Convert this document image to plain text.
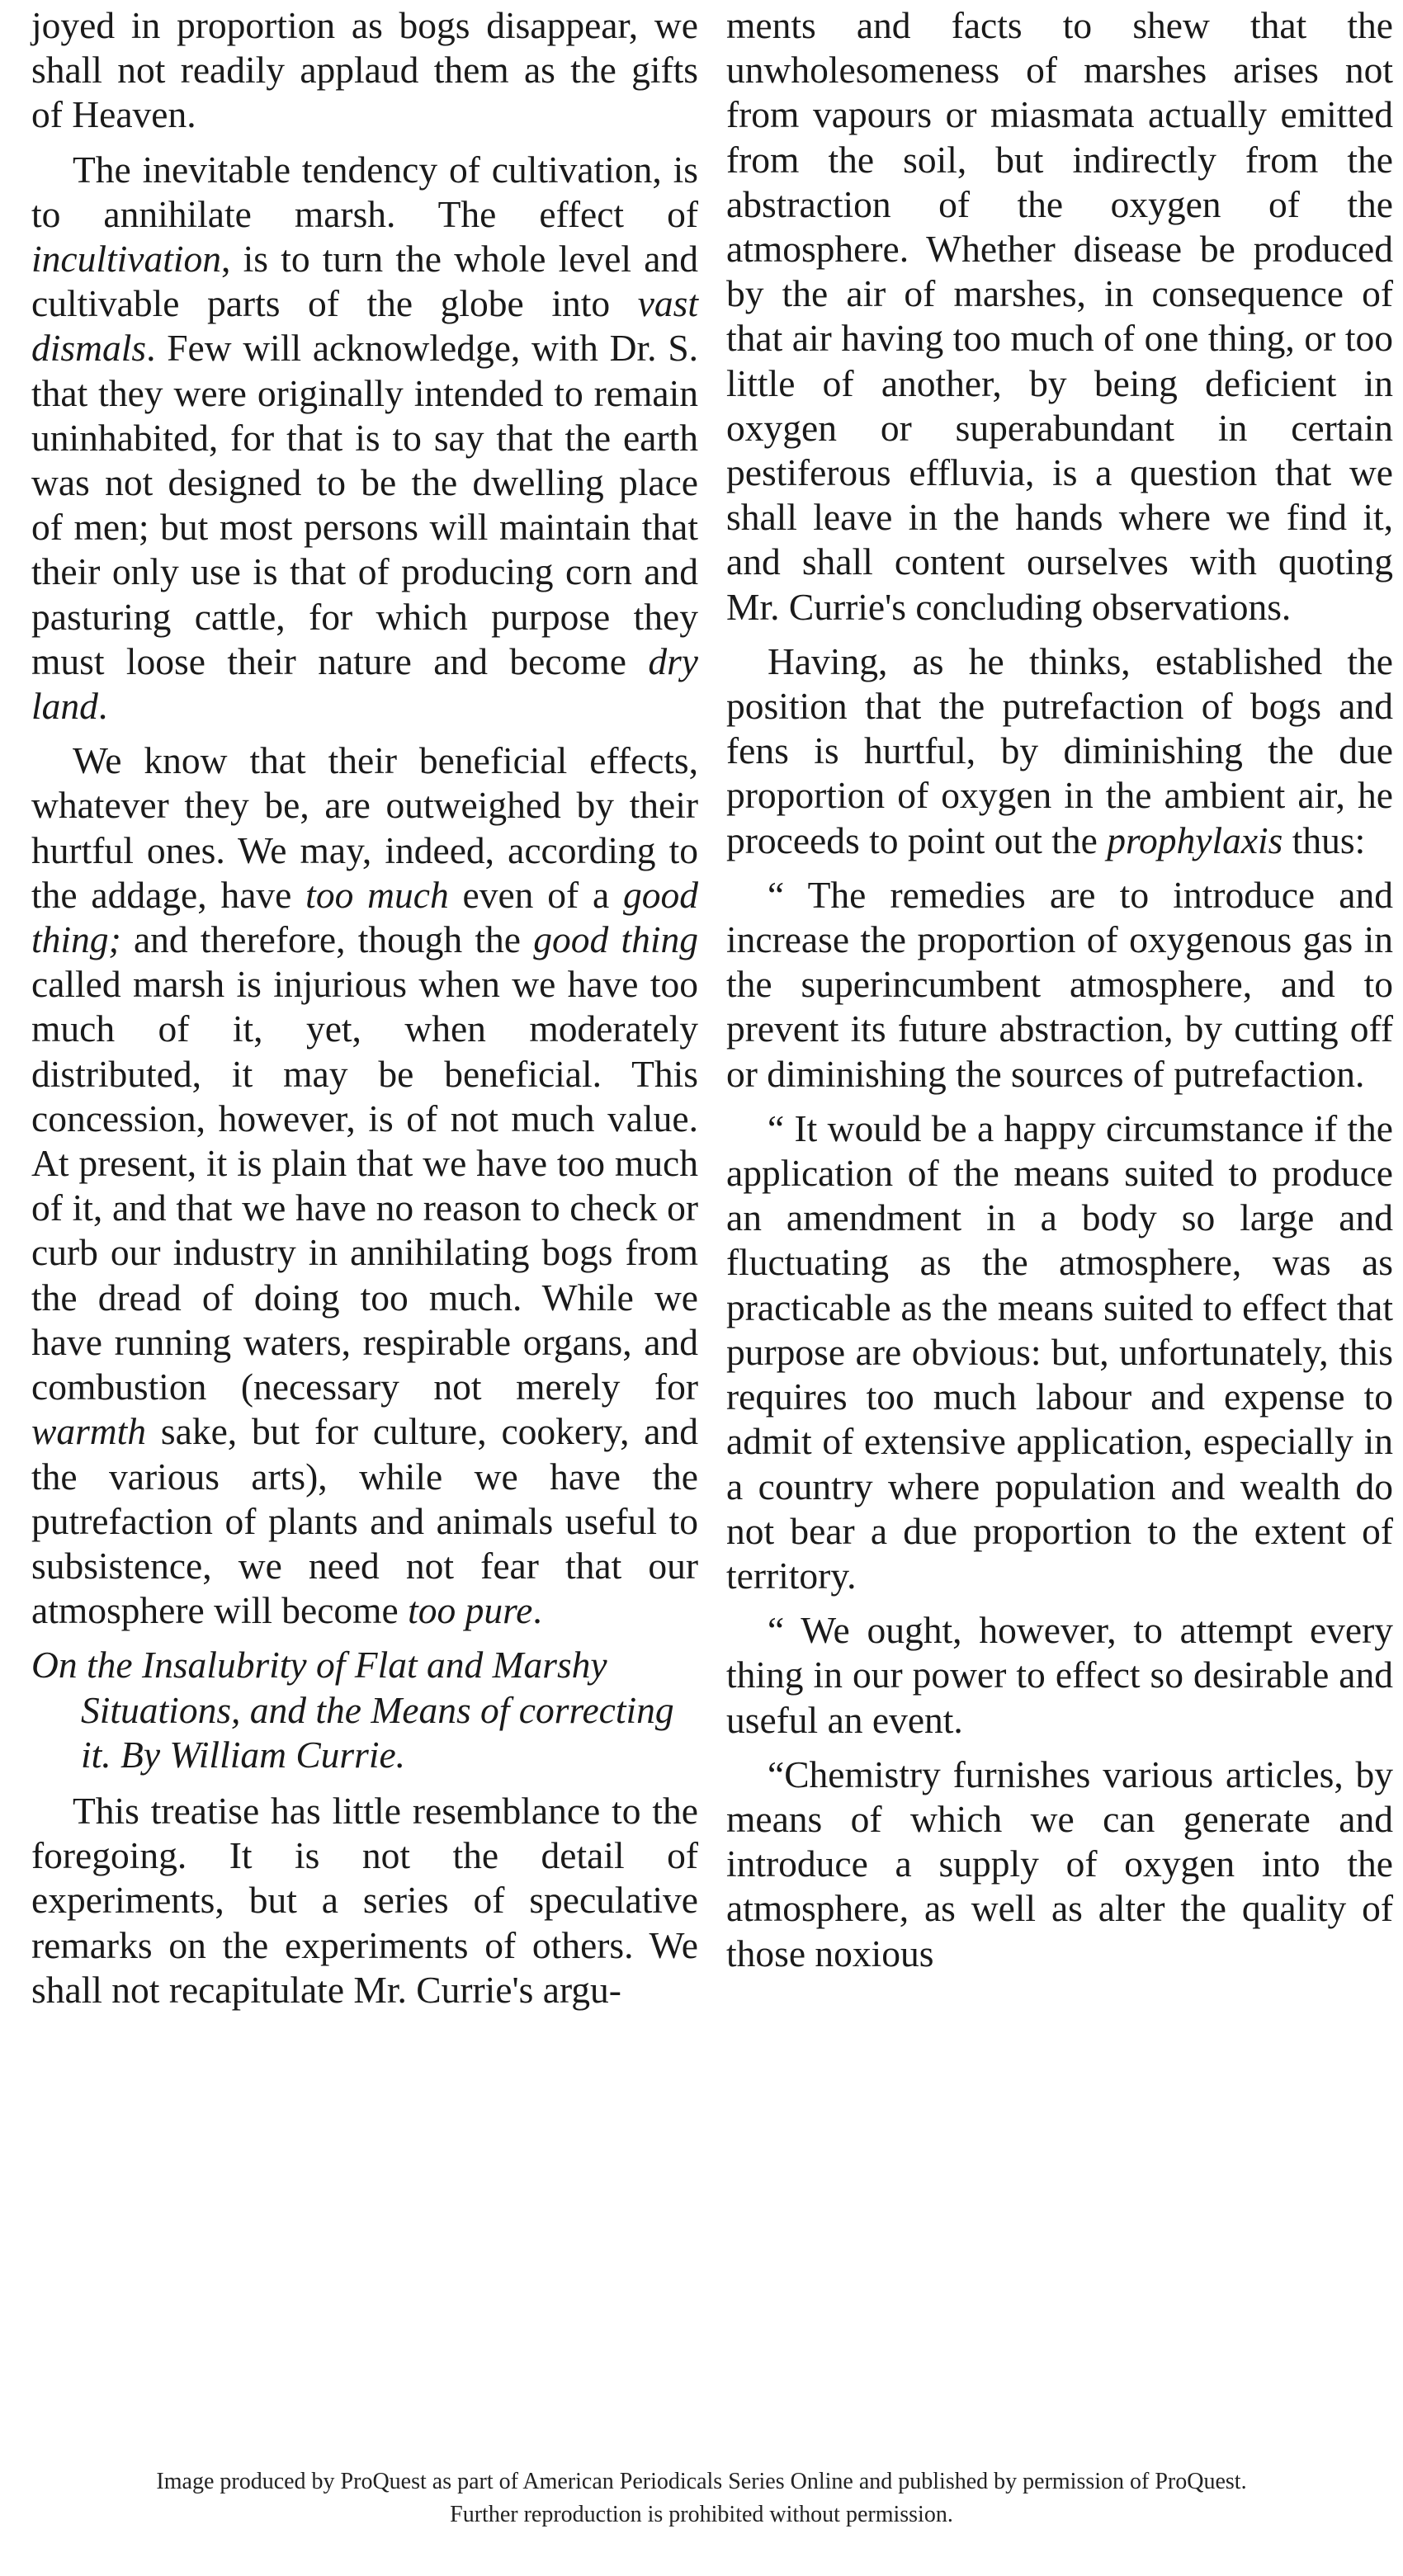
joyed in proportion as bogs disappear, we shall not readily applaud them as the gifts of Heaven.

The inevitable tendency of cultivation, is to annihilate marsh. The effect of incultivation, is to turn the whole level and cultivable parts of the globe into vast dismals. Few will acknowledge, with Dr. S. that they were originally intended to remain uninhabited, for that is to say that the earth was not designed to be the dwelling place of men; but most persons will maintain that their only use is that of producing corn and pasturing cattle, for which purpose they must loose their nature and become dry land.

We know that their beneficial effects, whatever they be, are outweighed by their hurtful ones. We may, indeed, according to the addage, have too much even of a good thing; and therefore, though the good thing called marsh is injurious when we have too much of it, yet, when moderately distributed, it may be beneficial. This concession, however, is of not much value. At present, it is plain that we have too much of it, and that we have no reason to check or curb our industry in annihilating bogs from the dread of doing too much. While we have running waters, respirable organs, and combustion (necessary not merely for warmth sake, but for culture, cookery, and the various arts), while we have the putrefaction of plants and animals useful to subsistence, we need not fear that our atmosphere will become too pure.

On the Insalubrity of Flat and Marshy Situations, and the Means of correcting it. By William Currie.

This treatise has little resemblance to the foregoing. It is not the detail of experiments, but a series of speculative remarks on the experiments of others. We shall not recapitulate Mr. Currie's argu-

ments and facts to shew that the unwholesomeness of marshes arises not from vapours or miasmata actually emitted from the soil, but indirectly from the abstraction of the oxygen of the atmosphere. Whether disease be produced by the air of marshes, in consequence of that air having too much of one thing, or too little of another, by being deficient in oxygen or superabundant in certain pestiferous effluvia, is a question that we shall leave in the hands where we find it, and shall content ourselves with quoting Mr. Currie's concluding observations.

Having, as he thinks, established the position that the putrefaction of bogs and fens is hurtful, by diminishing the due proportion of oxygen in the ambient air, he proceeds to point out the prophylaxis thus:

“ The remedies are to introduce and increase the proportion of oxygenous gas in the superincumbent atmosphere, and to prevent its future abstraction, by cutting off or diminishing the sources of putrefaction.

“ It would be a happy circumstance if the application of the means suited to produce an amendment in a body so large and fluctuating as the atmosphere, was as practicable as the means suited to effect that purpose are obvious: but, unfortunately, this requires too much labour and expense to admit of extensive application, especially in a country where population and wealth do not bear a due proportion to the extent of territory.

“ We ought, however, to attempt every thing in our power to effect so desirable and useful an event.

“Chemistry furnishes various articles, by means of which we can generate and introduce a supply of oxygen into the atmosphere, as well as alter the quality of those noxious

Image produced by ProQuest as part of American Periodicals Series Online and published by permission of ProQuest.
Further reproduction is prohibited without permission.
